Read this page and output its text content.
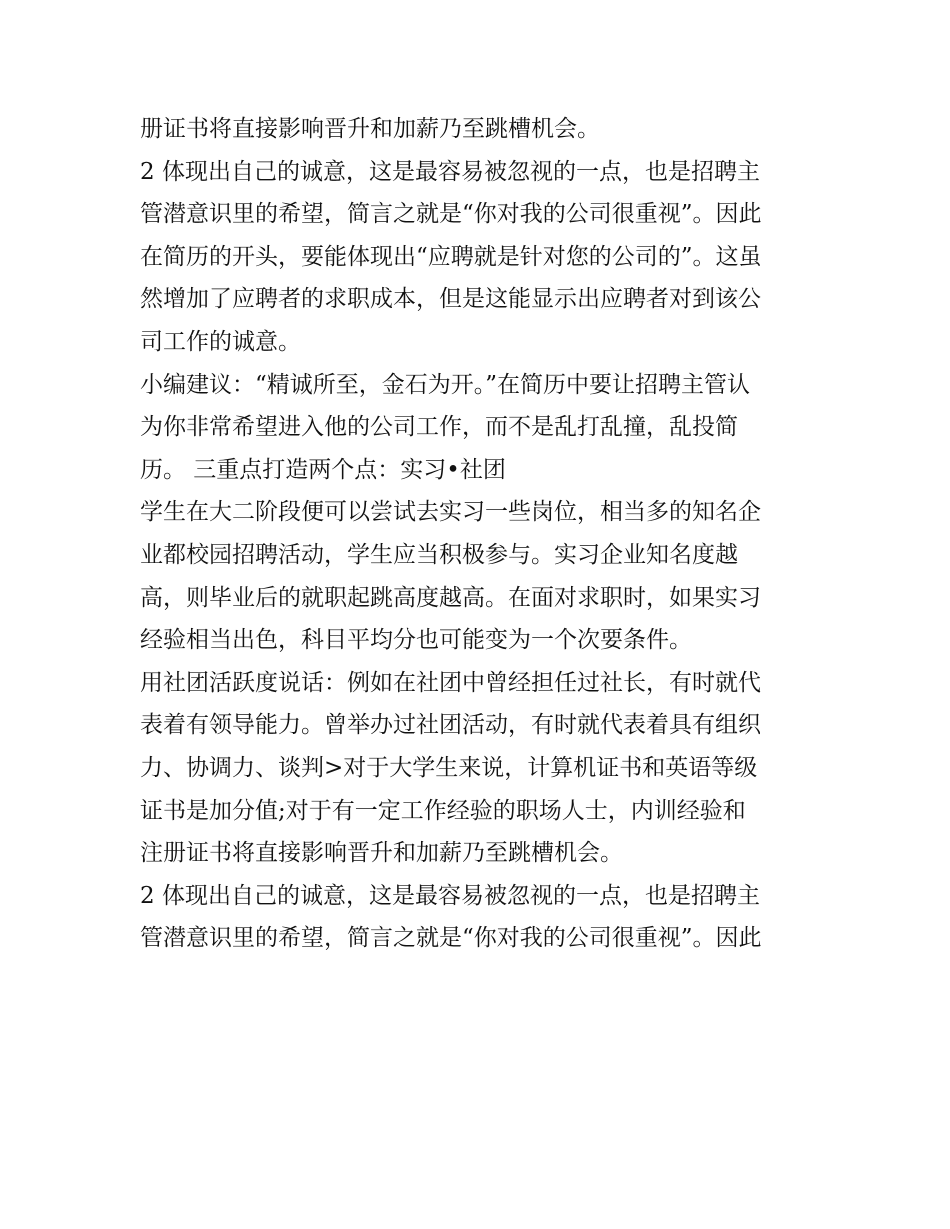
册证书将直接影响晋升和加薪乃至跳槽机会。
2 体现出自己的诚意，这是最容易被忽视的一点，也是招聘主
管潜意识里的希望，简言之就是“你对我的公司很重视”。因此
在简历的开头，要能体现出“应聘就是针对您的公司的”。这虽
然增加了应聘者的求职成本，但是这能显示出应聘者对到该公
司工作的诚意。
小编建议：“精诚所至，金石为开。”在简历中要让招聘主管认
为你非常希望进入他的公司工作，而不是乱打乱撞，乱投简
历。 三重点打造两个点：实习•社团
学生在大二阶段便可以尝试去实习一些岗位，相当多的知名企
业都校园招聘活动，学生应当积极参与。实习企业知名度越
高，则毕业后的就职起跳高度越高。在面对求职时，如果实习
经验相当出色，科目平均分也可能变为一个次要条件。
用社团活跃度说话：例如在社团中曾经担任过社长，有时就代
表着有领导能力。曾举办过社团活动，有时就代表着具有组织
力、协调力、谈判>对于大学生来说，计算机证书和英语等级
证书是加分值;对于有一定工作经验的职场人士，内训经验和
注册证书将直接影响晋升和加薪乃至跳槽机会。
2 体现出自己的诚意，这是最容易被忽视的一点，也是招聘主
管潜意识里的希望，简言之就是“你对我的公司很重视”。因此
